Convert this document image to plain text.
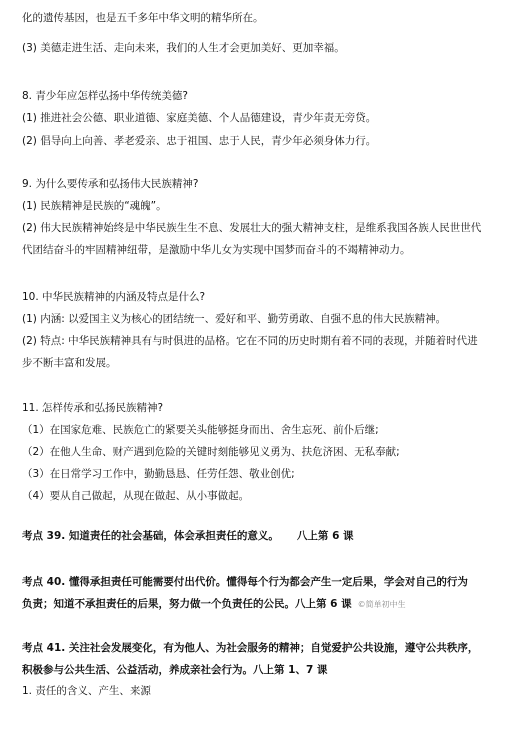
化的遗传基因，也是五千多年中华文明的精华所在。
(3) 美德走进生活、走向未来，我们的人生才会更加美好、更加幸福。
8. 青少年应怎样弘扬中华传统美德?
(1) 推进社会公德、职业道德、家庭美德、个人品德建设，青少年责无旁贷。
(2) 倡导向上向善、孝老爱亲、忠于祖国、忠于人民，青少年必须身体力行。
9. 为什么要传承和弘扬伟大民族精神?
(1) 民族精神是民族的“魂魄”。
(2) 伟大民族精神始终是中华民族生生不息、发展壮大的强大精神支柱，是维系我国各族人民世世代
代团结奋斗的牢固精神纽带，是激励中华儿女为实现中国梦而奋斗的不竭精神动力。
10. 中华民族精神的内涵及特点是什么?
(1) 内涵: 以爱国主义为核心的团结统一、爱好和平、勤劳勇敢、自强不息的伟大民族精神。
(2) 特点: 中华民族精神具有与时俱进的品格。它在不同的历史时期有着不同的表现，并随着时代进
步不断丰富和发展。
11. 怎样传承和弘扬民族精神?
（1）在国家危难、民族危亡的紧要关头能够挺身而出、舍生忘死、前仆后继;
（2）在他人生命、财产遇到危险的关键时刻能够见义勇为、扶危济困、无私奉献;
（3）在日常学习工作中，勤勤恳恳、任劳任怨、敬业创优;
（4）要从自己做起，从现在做起、从小事做起。
考点 39. 知道责任的社会基础，体会承担责任的意义。 八上第 6 课
考点 40. 懂得承担责任可能需要付出代价。懂得每个行为都会产生一定后果，学会对自己的行为
负责；知道不承担责任的后果，努力做一个负责任的公民。八上第 6 课 ©简单初中生
考点 41. 关注社会发展变化，有为他人、为社会服务的精神；自觉爱护公共设施，遵守公共秩序，
积极参与公共生活、公益活动，养成亲社会行为。八上第 1、7 课
1. 责任的含义、产生、来源
